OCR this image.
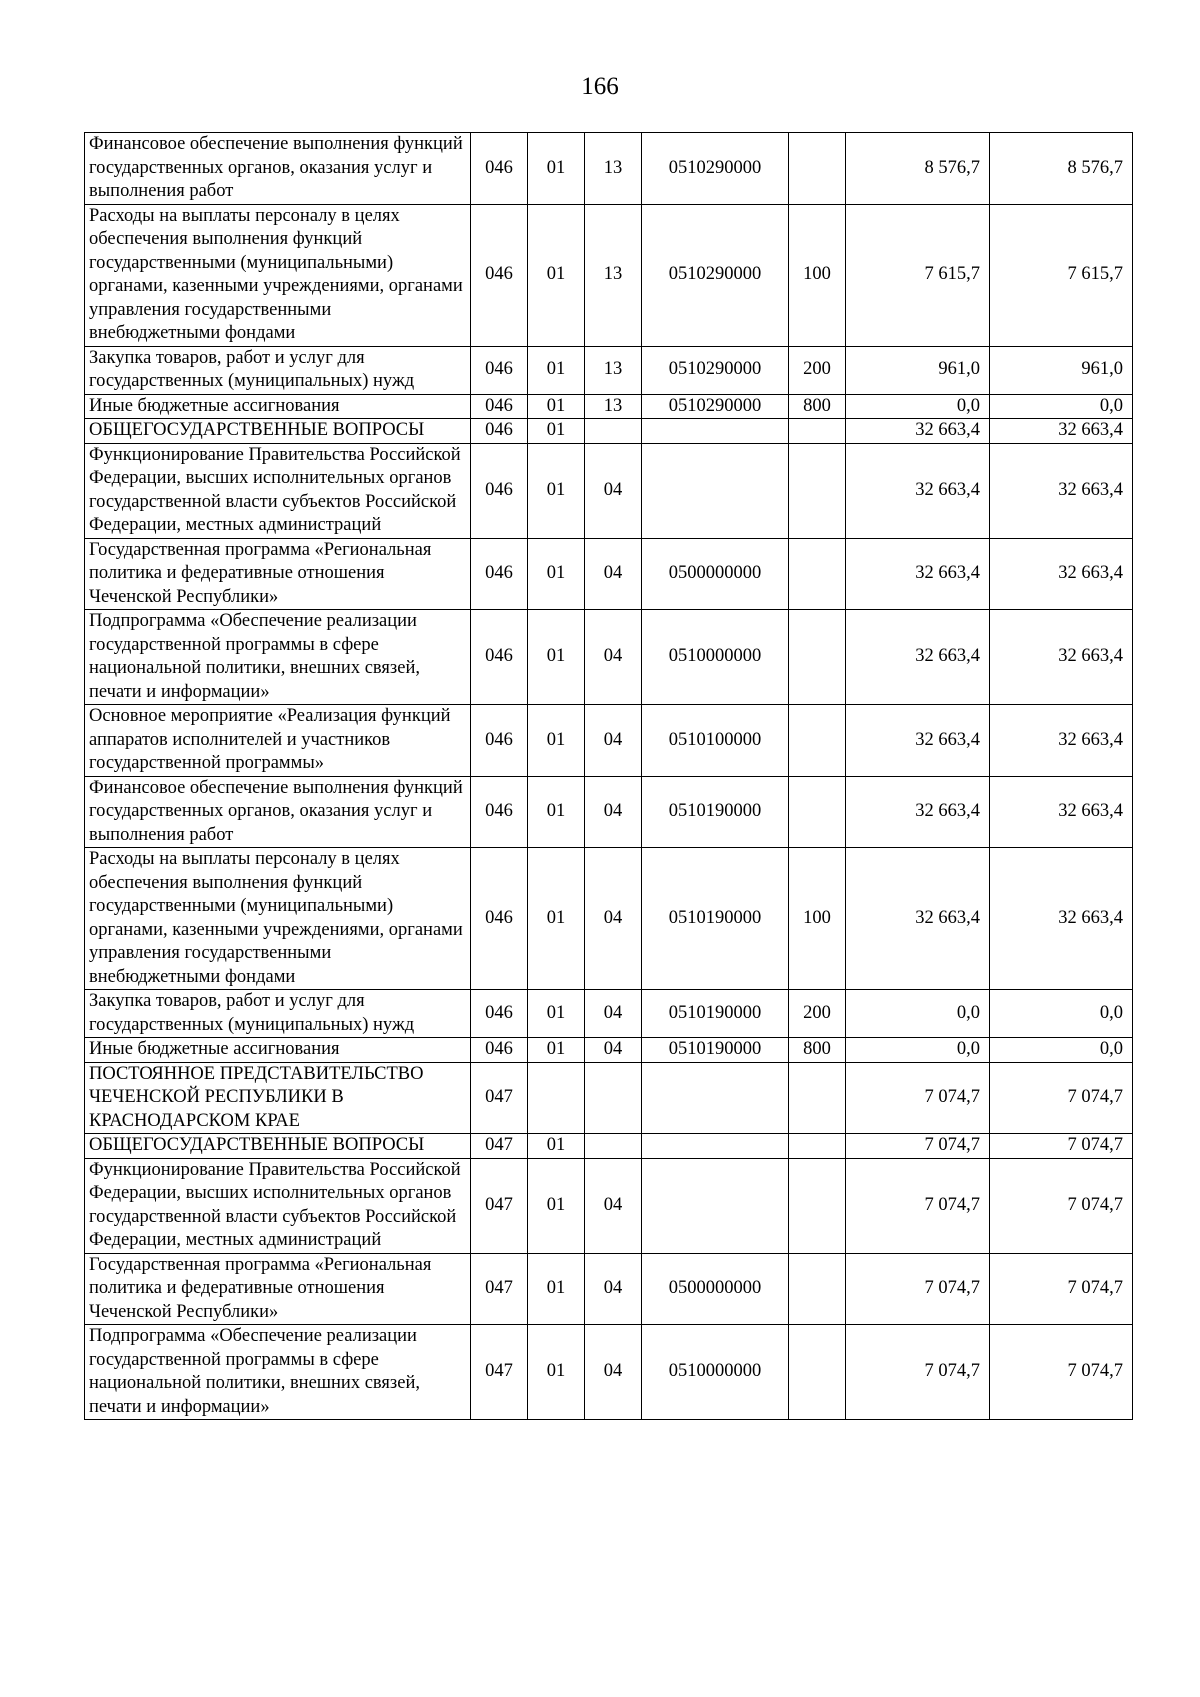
166
Финансовое обеспечение выполнения функций государственных органов, оказания услуг и выполнения работ	046	01	13	0510290000		8 576,7	8 576,7
Расходы на выплаты персоналу в целях обеспечения выполнения функций государственными (муниципальными) органами, казенными учреждениями, органами управления государственными внебюджетными фондами	046	01	13	0510290000	100	7 615,7	7 615,7
Закупка товаров, работ и услуг для государственных (муниципальных) нужд	046	01	13	0510290000	200	961,0	961,0
Иные бюджетные ассигнования	046	01	13	0510290000	800	0,0	0,0
ОБЩЕГОСУДАРСТВЕННЫЕ ВОПРОСЫ	046	01				32 663,4	32 663,4
Функционирование Правительства Российской Федерации, высших исполнительных органов государственной власти субъектов Российской Федерации, местных администраций	046	01	04			32 663,4	32 663,4
Государственная программа «Региональная политика и федеративные отношения Чеченской Республики»	046	01	04	0500000000		32 663,4	32 663,4
Подпрограмма «Обеспечение реализации государственной программы в сфере национальной политики, внешних связей, печати и информации»	046	01	04	0510000000		32 663,4	32 663,4
Основное мероприятие «Реализация функций аппаратов исполнителей и участников государственной программы»	046	01	04	0510100000		32 663,4	32 663,4
Финансовое обеспечение выполнения функций государственных органов, оказания услуг и выполнения работ	046	01	04	0510190000		32 663,4	32 663,4
Расходы на выплаты персоналу в целях обеспечения выполнения функций государственными (муниципальными) органами, казенными учреждениями, органами управления государственными внебюджетными фондами	046	01	04	0510190000	100	32 663,4	32 663,4
Закупка товаров, работ и услуг для государственных (муниципальных) нужд	046	01	04	0510190000	200	0,0	0,0
Иные бюджетные ассигнования	046	01	04	0510190000	800	0,0	0,0
ПОСТОЯННОЕ ПРЕДСТАВИТЕЛЬСТВО ЧЕЧЕНСКОЙ РЕСПУБЛИКИ В КРАСНОДАРСКОМ КРАЕ	047					7 074,7	7 074,7
ОБЩЕГОСУДАРСТВЕННЫЕ ВОПРОСЫ	047	01				7 074,7	7 074,7
Функционирование Правительства Российской Федерации, высших исполнительных органов государственной власти субъектов Российской Федерации, местных администраций	047	01	04			7 074,7	7 074,7
Государственная программа «Региональная политика и федеративные отношения Чеченской Республики»	047	01	04	0500000000		7 074,7	7 074,7
Подпрограмма «Обеспечение реализации государственной программы в сфере национальной политики, внешних связей, печати и информации»	047	01	04	0510000000		7 074,7	7 074,7
